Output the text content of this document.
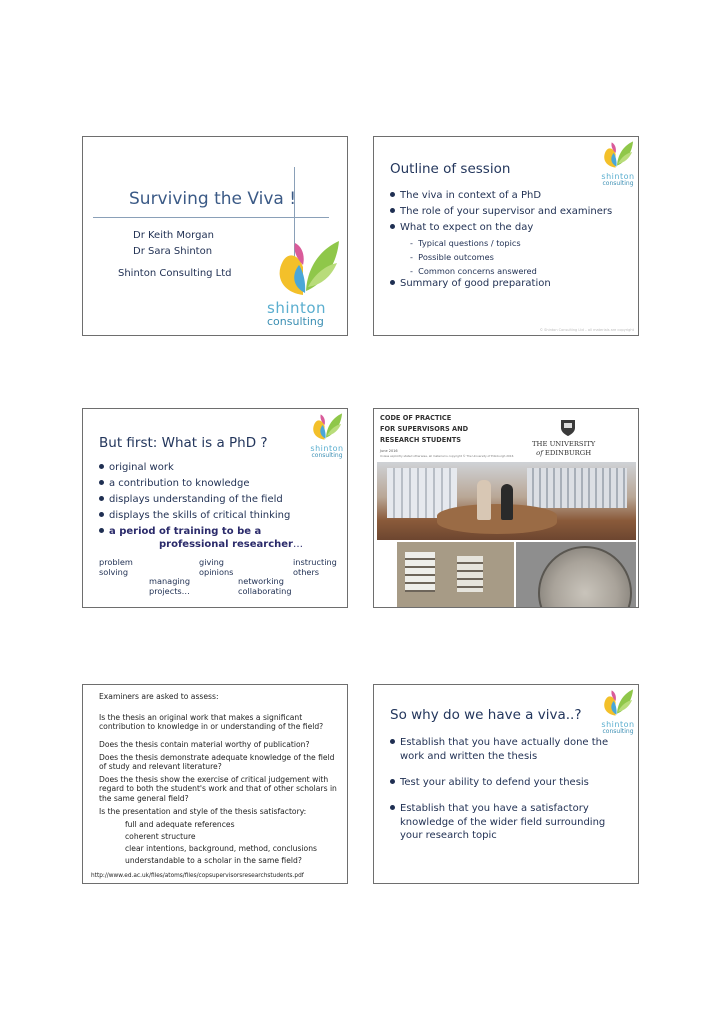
Surviving the Viva !
Dr Keith Morgan
Dr Sara Shinton
Shinton Consulting Ltd
shinton
consulting
Outline of session	shinton
consulting
The viva in context of a PhD
The role of your supervisor and examiners
What to expect on the day
-  Typical questions / topics
-  Possible outcomes
-  Common concerns answered
Summary of good preparation
© Shinton Consulting Ltd – all materials are copyright
But first: What is a PhD ?	shinton
consulting
original work
a contribution to knowledge
displays understanding of the field
displays the skills of critical thinking
a period of training to be a
professional researcher…
problem
solving
giving
opinions
instructing
others
managing
projects…
networking
collaborating
CODE OF PRACTICE
FOR SUPERVISORS AND
RESEARCH STUDENTS
June 2016
Unless explicitly stated otherwise, all material is copyright © The University of Edinburgh 2016
THE UNIVERSITY
of EDINBURGH
Examiners are asked to assess:
Is the thesis an original work that makes a significant contribution to knowledge in or understanding of the field?
Does the thesis contain material worthy of publication?
Does the thesis demonstrate adequate knowledge of the field of study and relevant literature?
Does the thesis show the exercise of critical judgement with regard to both the student's work and that of other scholars in the same general field?
Is the presentation and style of the thesis satisfactory:
full and adequate references
coherent structure
clear intentions, background, method, conclusions
understandable to a scholar in the same field?
http://www.ed.ac.uk/files/atoms/files/copsupervisorsresearchstudents.pdf
So why do we have a viva..?
shinton
consulting
Establish that you have actually done the
work and written the thesis
Test your ability to defend your thesis
Establish that you have a satisfactory
knowledge of the wider field surrounding
your research topic
